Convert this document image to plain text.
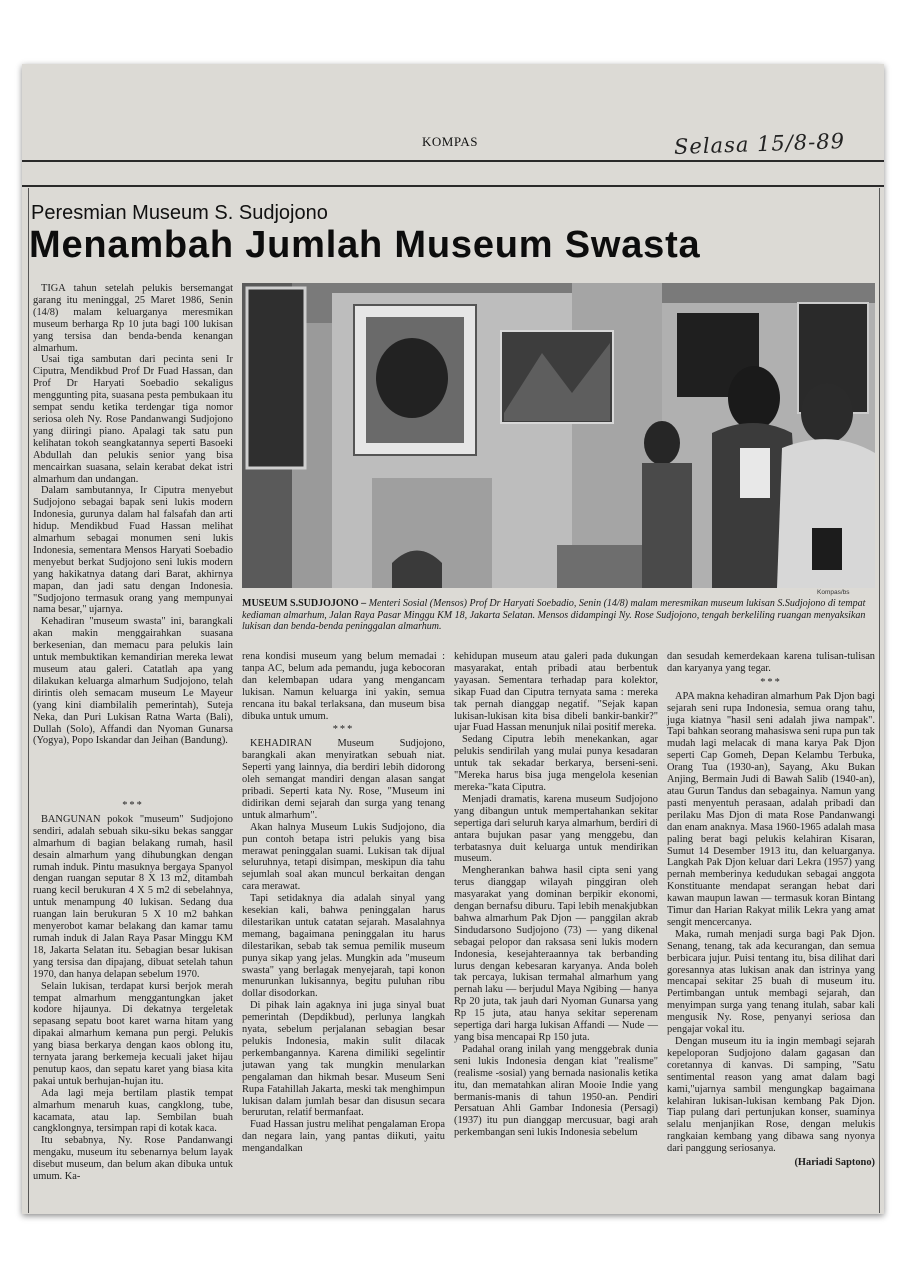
KOMPAS	Selasa 15/8-89
Peresmian Museum S. Sudjojono
Menambah Jumlah Museum Swasta

TIGA tahun setelah pelukis bersemangat garang itu meninggal, 25 Maret 1986, Senin (14/8) malam keluarganya meresmikan museum berharga Rp 10 juta bagi 100 lukisan yang tersisa dan benda-benda kenangan almarhum.

Usai tiga sambutan dari pecinta seni Ir Ciputra, Mendikbud Prof Dr Fuad Hassan, dan Prof Dr Haryati Soebadio sekaligus menggunting pita, suasana pesta pembukaan itu sempat sendu ketika terdengar tiga nomor seriosa oleh Ny. Rose Pandanwangi Sudjojono yang diiringi piano. Apalagi tak satu pun kelihatan tokoh seangkatannya seperti Basoeki Abdullah dan pelukis senior yang bisa mencairkan suasana, selain kerabat dekat istri almarhum dan undangan.

Dalam sambutannya, Ir Ciputra menyebut Sudjojono sebagai bapak seni lukis modern Indonesia, gurunya dalam hal falsafah dan arti hidup. Mendikbud Fuad Hassan melihat almarhum sebagai monumen seni lukis Indonesia, sementara Mensos Haryati Soebadio menyebut berkat Sudjojono seni lukis modern yang hakikatnya datang dari Barat, akhirnya mapan, dan jadi satu dengan Indonesia. "Sudjojono termasuk orang yang mempunyai nama besar," ujarnya.

Kehadiran "museum swasta" ini, barangkali akan makin menggairahkan suasana berkesenian, dan memacu para pelukis lain untuk membuktikan kemandirian mereka lewat museum atau galeri. Catatlah apa yang dilakukan keluarga almarhum Sudjojono, telah dirintis oleh semacam museum Le Mayeur (yang kini diambilalih pemerintah), Suteja Neka, dan Puri Lukisan Ratna Warta (Bali), Dullah (Solo), Affandi dan Nyoman Gunarsa (Yogya), Popo Iskandar dan Jeihan (Bandung).

***

BANGUNAN pokok "museum" Sudjojono sendiri, adalah sebuah siku-siku bekas sanggar almarhum di bagian belakang rumah, hasil desain almarhum yang dihubungkan dengan rumah induk. Pintu masuknya bergaya Spanyol dengan ruangan seputar 8 X 13 m2, ditambah ruang kecil berukuran 4 X 5 m2 di sebelahnya, untuk menampung 40 lukisan. Sedang dua ruangan lain berukuran 5 X 10 m2 bahkan menyerobot kamar belakang dan kamar tamu rumah induk di Jalan Raya Pasar Minggu KM 18, Jakarta Selatan itu. Sebagian besar lukisan yang tersisa dan dipajang, dibuat setelah tahun 1970, dan hanya delapan sebelum 1970.

Selain lukisan, terdapat kursi berjok merah tempat almarhum menggantungkan jaket kodore hijaunya. Di dekatnya tergeletak sepasang sepatu boot karet warna hitam yang dipakai almarhum kemana pun pergi. Pelukis yang biasa berkarya dengan kaos oblong itu, ternyata jarang berkemeja kecuali jaket hijau penutup kaos, dan sepatu karet yang biasa kita pakai untuk berhujan-hujan itu.

Ada lagi meja bertilam plastik tempat almarhum menaruh kuas, cangklong, tube, kacamata, atau lap. Sembilan buah cangklongnya, tersimpan rapi di kotak kaca.

Itu sebabnya, Ny. Rose Pandanwangi mengaku, museum itu sebenarnya belum layak disebut museum, dan belum akan dibuka untuk umum. Ka-

Kompas/bs
MUSEUM S.SUDJOJONO – Menteri Sosial (Mensos) Prof Dr Haryati Soebadio, Senin (14/8) malam meresmikan museum lukisan S.Sudjojono di tempat kediaman almarhum, Jalan Raya Pasar Minggu KM 18, Jakarta Selatan. Mensos didampingi Ny. Rose Sudjojono, tengah berkeliling ruangan menyaksikan lukisan dan benda-benda peninggalan almarhum.

rena kondisi museum yang belum memadai : tanpa AC, belum ada pemandu, juga kebocoran dan kelembapan udara yang mengancam lukisan. Namun keluarga ini yakin, semua rencana itu bakal terlaksana, dan museum bisa dibuka untuk umum.

***

KEHADIRAN Museum Sudjojono, barangkali akan menyiratkan sebuah niat. Seperti yang lainnya, dia berdiri lebih didorong oleh semangat mandiri dengan alasan sangat pribadi. Seperti kata Ny. Rose, "Museum ini didirikan demi sejarah dan surga yang tenang untuk almarhum".

Akan halnya Museum Lukis Sudjojono, dia pun contoh betapa istri pelukis yang bisa merawat peninggalan suami. Lukisan tak dijual seluruhnya, tetapi disimpan, meskipun dia tahu sejumlah soal akan muncul berkaitan dengan cara merawat.

Tapi setidaknya dia adalah sinyal yang kesekian kali, bahwa peninggalan harus dilestarikan untuk catatan sejarah. Masalahnya memang, bagaimana peninggalan itu harus dilestarikan, sebab tak semua pemilik museum punya sikap yang jelas. Mungkin ada "museum swasta" yang berlagak menyejarah, tapi konon menurunkan lukisannya, begitu puluhan ribu dollar disodorkan.

Di pihak lain agaknya ini juga sinyal buat pemerintah (Depdikbud), perlunya langkah nyata, sebelum perjalanan sebagian besar pelukis Indonesia, makin sulit dilacak perkembangannya. Karena dimiliki segelintir jutawan yang tak mungkin menularkan pengalaman dan hikmah besar. Museum Seni Rupa Fatahillah Jakarta, meski tak menghimpun lukisan dalam jumlah besar dan disusun secara berurutan, relatif bermanfaat.

Fuad Hassan justru melihat pengalaman Eropa dan negara lain, yang pantas diikuti, yaitu mengandalkan

kehidupan museum atau galeri pada dukungan masyarakat, entah pribadi atau berbentuk yayasan. Sementara terhadap para kolektor, sikap Fuad dan Ciputra ternyata sama : mereka tak pernah dianggap negatif. "Sejak kapan lukisan-lukisan kita bisa dibeli bankir-bankir?" ujar Fuad Hassan menunjuk nilai positif mereka.

Sedang Ciputra lebih menekankan, agar pelukis sendirilah yang mulai punya kesadaran untuk tak sekadar berkarya, berseni-seni. "Mereka harus bisa juga mengelola kesenian mereka-"kata Ciputra.

Menjadi dramatis, karena museum Sudjojono yang dibangun untuk mempertahankan sekitar sepertiga dari seluruh karya almarhum, berdiri di antara bujukan pasar yang menggebu, dan terbatasnya duit keluarga untuk mendirikan museum.

Mengherankan bahwa hasil cipta seni yang terus dianggap wilayah pinggiran oleh masyarakat yang dominan berpikir ekonomi, dengan bernafsu diburu. Tapi lebih menakjubkan bahwa almarhum Pak Djon — panggilan akrab Sindudarsono Sudjojono (73) — yang dikenal sebagai pelopor dan raksasa seni lukis modern Indonesia, kesejahteraannya tak berbanding lurus dengan kebesaran karyanya. Anda boleh tak percaya, lukisan termahal almarhum yang pernah laku — berjudul Maya Ngibing — hanya Rp 20 juta, tak jauh dari Nyoman Gunarsa yang Rp 15 juta, atau hanya sekitar seperenam sepertiga dari harga lukisan Affandi — Nude — yang bisa mencapai Rp 150 juta.

Padahal orang inilah yang menggebrak dunia seni lukis Indonesia dengan kiat "realisme" (realisme -sosial) yang bernada nasionalis ketika itu, dan mematahkan aliran Mooie Indie yang bermanis-manis di tahun 1950-an. Pendiri Persatuan Ahli Gambar Indonesia (Persagi) (1937) itu pun dianggap mercusuar, bagi arah perkembangan seni lukis Indonesia sebelum

dan sesudah kemerdekaan karena tulisan-tulisan dan karyanya yang tegar.

***

APA makna kehadiran almarhum Pak Djon bagi sejarah seni rupa Indonesia, semua orang tahu, juga kiatnya "hasil seni adalah jiwa nampak". Tapi bahkan seorang mahasiswa seni rupa pun tak mudah lagi melacak di mana karya Pak Djon seperti Cap Gomeh, Depan Kelambu Terbuka, Orang Tua (1930-an), Sayang, Aku Bukan Anjing, Bermain Judi di Bawah Salib (1940-an), atau Gurun Tandus dan sebagainya. Namun yang pasti menyentuh perasaan, adalah pribadi dan perilaku Mas Djon di mata Rose Pandanwangi dan enam anaknya. Masa 1960-1965 adalah masa paling berat bagi pelukis kelahiran Kisaran, Sumut 14 Desember 1913 itu, dan keluarganya. Langkah Pak Djon keluar dari Lekra (1957) yang pernah memberinya kedudukan sebagai anggota Konstituante mendapat serangan hebat dari kawan maupun lawan — termasuk koran Bintang Timur dan Harian Rakyat milik Lekra yang amat sengit mencercanya.

Maka, rumah menjadi surga bagi Pak Djon. Senang, tenang, tak ada kecurangan, dan semua berbicara jujur. Puisi tentang itu, bisa dilihat dari goresannya atas lukisan anak dan istrinya yang mencapai sekitar 25 buah di museum itu. Pertimbangan untuk membagi sejarah, dan menyimpan surga yang tenang itulah, sabar kali mengusik Ny. Rose, penyanyi seriosa dan pengajar vokal itu.

Dengan museum itu ia ingin membagi sejarah kepeloporan Sudjojono dalam gagasan dan coretannya di kanvas. Di samping, "Satu sentimental reason yang amat dalam bagi kami,"ujarnya sambil mengungkap bagaimana kelahiran lukisan-lukisan kembang Pak Djon. Tiap pulang dari pertunjukan konser, suaminya selalu menjanjikan Rose, dengan melukis rangkaian kembang yang dibawa sang nyonya dari panggung seriosanya.

(Hariadi Saptono)
